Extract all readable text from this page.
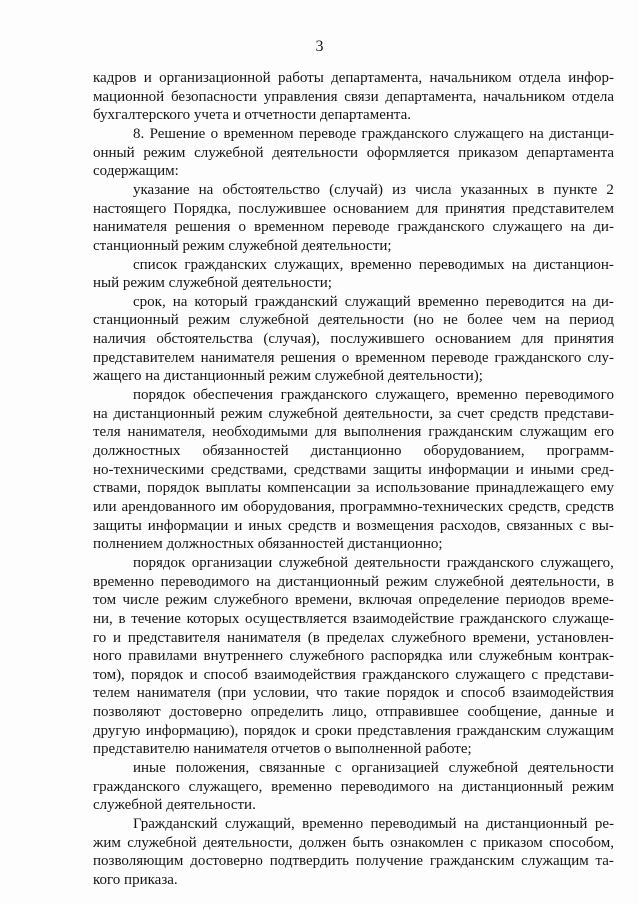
3
кадров и организационной работы департамента, начальником отдела инфор-
мационной безопасности управления связи департамента, начальником отдела
бухгалтерского учета и отчетности департамента.
8. Решение о временном переводе гражданского служащего на дистанци-
онный режим служебной деятельности оформляется приказом департамента
содержащим:
указание на обстоятельство (случай) из числа указанных в пункте 2
настоящего Порядка, послужившее основанием для принятия представителем
нанимателя решения о временном переводе гражданского служащего на ди-
станционный режим служебной деятельности;
список гражданских служащих, временно переводимых на дистанцион-
ный режим служебной деятельности;
срок, на который гражданский служащий временно переводится на ди-
станционный режим служебной деятельности (но не более чем на период
наличия обстоятельства (случая), послужившего основанием для принятия
представителем нанимателя решения о временном переводе гражданского слу-
жащего на дистанционный режим служебной деятельности);
порядок обеспечения гражданского служащего, временно переводимого
на дистанционный режим служебной деятельности, за счет средств представи-
теля нанимателя, необходимыми для выполнения гражданским служащим его
должностных обязанностей дистанционно оборудованием, программ-
но-техническими средствами, средствами защиты информации и иными сред-
ствами, порядок выплаты компенсации за использование принадлежащего ему
или арендованного им оборудования, программно-технических средств, средств
защиты информации и иных средств и возмещения расходов, связанных с вы-
полнением должностных обязанностей дистанционно;
порядок организации служебной деятельности гражданского служащего,
временно переводимого на дистанционный режим служебной деятельности, в
том числе режим служебного времени, включая определение периодов време-
ни, в течение которых осуществляется взаимодействие гражданского служаще-
го и представителя нанимателя (в пределах служебного времени, установлен-
ного правилами внутреннего служебного распорядка или служебным контрак-
том), порядок и способ взаимодействия гражданского служащего с представи-
телем нанимателя (при условии, что такие порядок и способ взаимодействия
позволяют достоверно определить лицо, отправившее сообщение, данные и
другую информацию), порядок и сроки представления гражданским служащим
представителю нанимателя отчетов о выполненной работе;
иные положения, связанные с организацией служебной деятельности
гражданского служащего, временно переводимого на дистанционный режим
служебной деятельности.
Гражданский служащий, временно переводимый на дистанционный ре-
жим служебной деятельности, должен быть ознакомлен с приказом способом,
позволяющим достоверно подтвердить получение гражданским служащим та-
кого приказа.
